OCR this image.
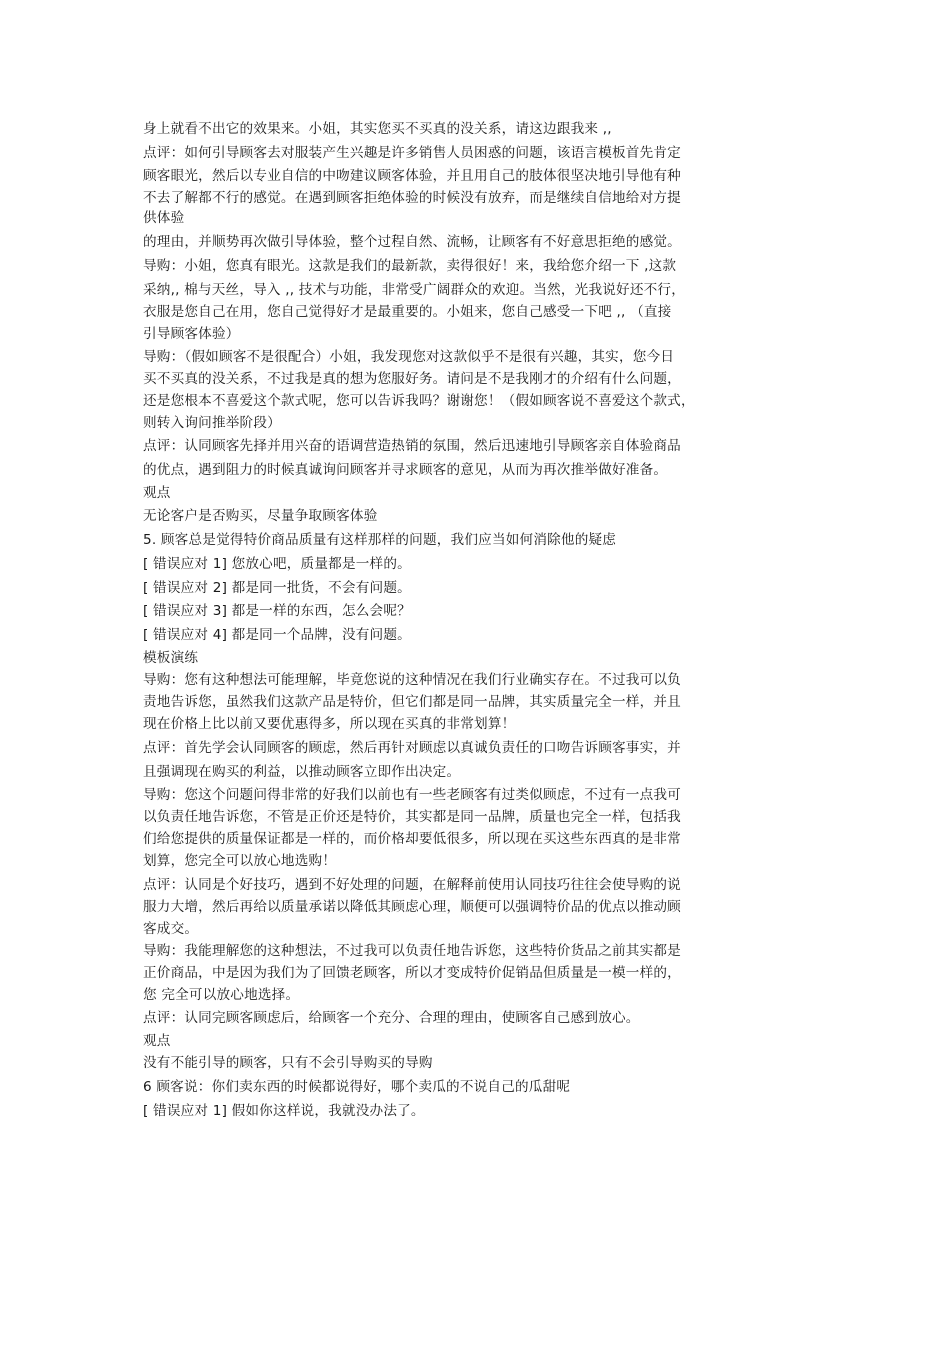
身上就看不出它的效果来。小姐，其实您买不买真的没关系，请这边跟我来 ,,
点评：如何引导顾客去对服装产生兴趣是许多销售人员困惑的问题，该语言模板首先肯定
顾客眼光，然后以专业自信的中吻建议顾客体验，并且用自己的肢体很坚决地引导他有种
不去了解都不行的感觉。在遇到顾客拒绝体验的时候没有放弃，而是继续自信地给对方提
供体验
的理由，并顺势再次做引导体验，整个过程自然、流畅，让顾客有不好意思拒绝的感觉。
导购：小姐，您真有眼光。这款是我们的最新款，卖得很好！来，我给您介绍一下 ,这款
采纳,, 棉与天丝，导入 ,, 技术与功能，非常受广阔群众的欢迎。当然，光我说好还不行，
衣服是您自己在用，您自己觉得好才是最重要的。小姐来，您自己感受一下吧 ,, （直接
引导顾客体验）
导购：（假如顾客不是很配合）小姐，我发现您对这款似乎不是很有兴趣，其实，您今日
买不买真的没关系，不过我是真的想为您服好务。请问是不是我刚才的介绍有什么问题，
还是您根本不喜爱这个款式呢，您可以告诉我吗？谢谢您！（假如顾客说不喜爱这个款式，
则转入询问推举阶段）
点评：认同顾客先择并用兴奋的语调营造热销的氛围，然后迅速地引导顾客亲自体验商品
的优点，遇到阻力的时候真诚询问顾客并寻求顾客的意见，从而为再次推举做好准备。
观点
无论客户是否购买，尽量争取顾客体验
5. 顾客总是觉得特价商品质量有这样那样的问题，我们应当如何消除他的疑虑
[ 错误应对 1] 您放心吧，质量都是一样的。
[ 错误应对 2] 都是同一批货，不会有问题。
[ 错误应对 3] 都是一样的东西，怎么会呢？
[ 错误应对 4] 都是同一个品牌，没有问题。
模板演练
导购：您有这种想法可能理解，毕竟您说的这种情况在我们行业确实存在。不过我可以负
责地告诉您，虽然我们这款产品是特价，但它们都是同一品牌，其实质量完全一样，并且
现在价格上比以前又要优惠得多，所以现在买真的非常划算！
点评：首先学会认同顾客的顾虑，然后再针对顾虑以真诚负责任的口吻告诉顾客事实，并
且强调现在购买的利益，以推动顾客立即作出决定。
导购：您这个问题问得非常的好我们以前也有一些老顾客有过类似顾虑，不过有一点我可
以负责任地告诉您，不管是正价还是特价，其实都是同一品牌，质量也完全一样，包括我
们给您提供的质量保证都是一样的，而价格却要低很多，所以现在买这些东西真的是非常
划算，您完全可以放心地选购！
点评：认同是个好技巧，遇到不好处理的问题，在解释前使用认同技巧往往会使导购的说
服力大增，然后再给以质量承诺以降低其顾虑心理，顺便可以强调特价品的优点以推动顾
客成交。
导购：我能理解您的这种想法，不过我可以负责任地告诉您，这些特价货品之前其实都是
正价商品，中是因为我们为了回馈老顾客，所以才变成特价促销品但质量是一模一样的，
您 完全可以放心地选择。
点评：认同完顾客顾虑后，给顾客一个充分、合理的理由，使顾客自己感到放心。
观点
没有不能引导的顾客，只有不会引导购买的导购
6 顾客说：你们卖东西的时候都说得好，哪个卖瓜的不说自己的瓜甜呢
[ 错误应对 1] 假如你这样说，我就没办法了。
